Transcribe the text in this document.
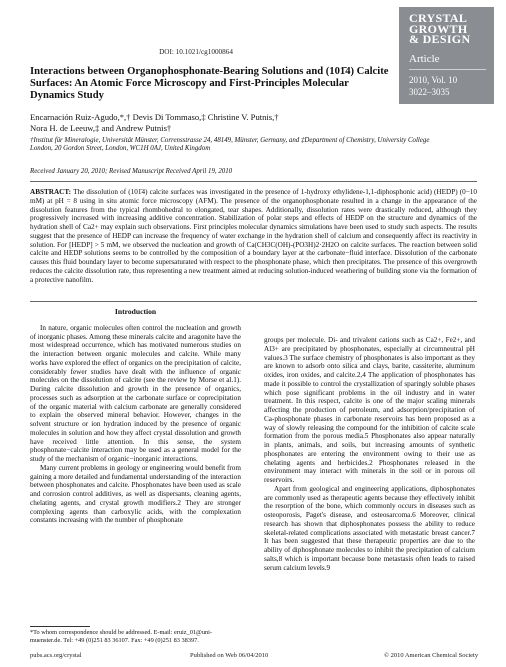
DOI: 10.1021/cg1000864
CRYSTAL
GROWTH
& DESIGN
Article
2010, Vol. 10
3022–3035
Interactions between Organophosphonate-Bearing Solutions and (101̄4) Calcite Surfaces: An Atomic Force Microscopy and First-Principles Molecular Dynamics Study
Encarnación Ruiz-Agudo,*,† Devis Di Tommaso,‡ Christine V. Putnis,†
Nora H. de Leeuw,‡ and Andrew Putnis†
†Institut für Mineralogie, Universität Münster, Corrensstrasse 24, 48149, Münster, Germany, and ‡Department of Chemistry, University College London, 20 Gordon Street, London, WC1H 0AJ, United Kingdom
Received January 20, 2010; Revised Manuscript Received April 19, 2010
ABSTRACT: The dissolution of (101̄4) calcite surfaces was investigated in the presence of 1-hydroxy ethylidene-1,1-diphosphonic acid) (HEDP) (0−10 mM) at pH = 8 using in situ atomic force microscopy (AFM). The presence of the organophosphonate resulted in a change in the appearance of the dissolution features from the typical rhombohedral to elongated, tear shapes. Additionally, dissolution rates were drastically reduced, although they progressively increased with increasing additive concentration. Stabilization of polar steps and effects of HEDP on the structure and dynamics of the hydration shell of Ca2+ may explain such observations. First principles molecular dynamics simulations have been used to study such aspects. The results suggest that the presence of HEDP can increase the frequency of water exchange in the hydration shell of calcium and consequently affect its reactivity in solution. For [HEDP] > 5 mM, we observed the nucleation and growth of Ca(CH3C(OH)-(PO3H)2·2H2O on calcite surfaces. The reaction between solid calcite and HEDP solutions seems to be controlled by the composition of a boundary layer at the carbonate−fluid interface. Dissolution of the carbonate causes this fluid boundary layer to become supersaturated with respect to the phosphonate phase, which then precipitates. The presence of this overgrowth reduces the calcite dissolution rate, thus representing a new treatment aimed at reducing solution-induced weathering of building stone via the formation of a protective nanofilm.

Introduction

In nature, organic molecules often control the nucleation and growth of inorganic phases. Among these minerals calcite and aragonite have the most widespread occurrence, which has motivated numerous studies on the interaction between organic molecules and calcite. While many works have explored the effect of organics on the precipitation of calcite, considerably fewer studies have dealt with the influence of organic molecules on the dissolution of calcite (see the review by Morse et al.1). During calcite dissolution and growth in the presence of organics, processes such as adsorption at the carbonate surface or coprecipitation of the organic material with calcium carbonate are generally considered to explain the observed mineral behavior. However, changes in the solvent structure or ion hydration induced by the presence of organic molecules in solution and how they affect crystal dissolution and growth have received little attention. In this sense, the system phosphonate−calcite interaction may be used as a general model for the study of the mechanism of organic−inorganic interactions.

Many current problems in geology or engineering would benefit from gaining a more detailed and fundamental understanding of the interaction between phosphonates and calcite. Phosphonates have been used as scale and corrosion control additives, as well as dispersants, cleaning agents, chelating agents, and crystal growth modifiers.2 They are stronger complexing agents than carboxylic acids, with the complexation constants increasing with the number of phosphonate

groups per molecule. Di- and trivalent cations such as Ca2+, Fe2+, and Al3+ are precipitated by phosphonates, especially at circumneutral pH values.3 The surface chemistry of phosphonates is also important as they are known to adsorb onto silica and clays, barite, cassiterite, aluminum oxides, iron oxides, and calcite.2,4 The application of phosphonates has made it possible to control the crystallization of sparingly soluble phases which pose significant problems in the oil industry and in water treatment. In this respect, calcite is one of the major scaling minerals affecting the production of petroleum, and adsorption/precipitation of Ca-phosphonate phases in carbonate reservoirs has been proposed as a way of slowly releasing the compound for the inhibition of calcite scale formation from the porous media.5 Phosphonates also appear naturally in plants, animals, and soils, but increasing amounts of synthetic phosphonates are entering the environment owing to their use as chelating agents and herbicides.2 Phosphonates released in the environment may interact with minerals in the soil or in porous oil reservoirs.

Apart from geological and engineering applications, diphosphonates are commonly used as therapeutic agents because they effectively inhibit the resorption of the bone, which commonly occurs in diseases such as osteoporosis, Paget's disease, and osteosarcoma.6 Moreover, clinical research has shown that diphosphonates possess the ability to reduce skeletal-related complications associated with metastatic breast cancer.7 It has been suggested that these therapeutic properties are due to the ability of diphosphonate molecules to inhibit the precipitation of calcium salts,8 which is important because bone metastasis often leads to raised serum calcium levels.9

*To whom correspondence should be addressed. E-mail: eruiz_01@uni-muenster.de. Tel: +49 (0)251 83 36107. Fax: +49 (0)251 83 38397.
pubs.acs.org/crystal	Published on Web 06/04/2010	© 2010 American Chemical Society
